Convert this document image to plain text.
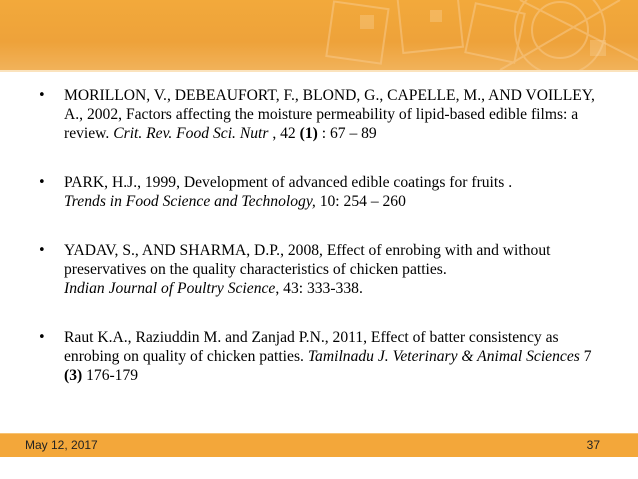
• MORILLON, V., DEBEAUFORT, F., BLOND, G., CAPELLE, M., AND VOILLEY, A., 2002, Factors affecting the moisture permeability of lipid-based edible films: a review. Crit. Rev. Food Sci. Nutr , 42 (1) : 67 – 89
• PARK, H.J., 1999, Development of advanced edible coatings for fruits .
Trends in Food Science and Technology, 10: 254 – 260
• YADAV, S., AND SHARMA, D.P., 2008, Effect of enrobing with and without preservatives on the quality characteristics of chicken patties.
Indian Journal of Poultry Science, 43: 333-338.
• Raut K.A., Raziuddin M. and Zanjad P.N., 2011, Effect of batter consistency as enrobing on quality of chicken patties. Tamilnadu J. Veterinary & Animal Sciences 7 (3) 176-179
May 12, 2017	37
